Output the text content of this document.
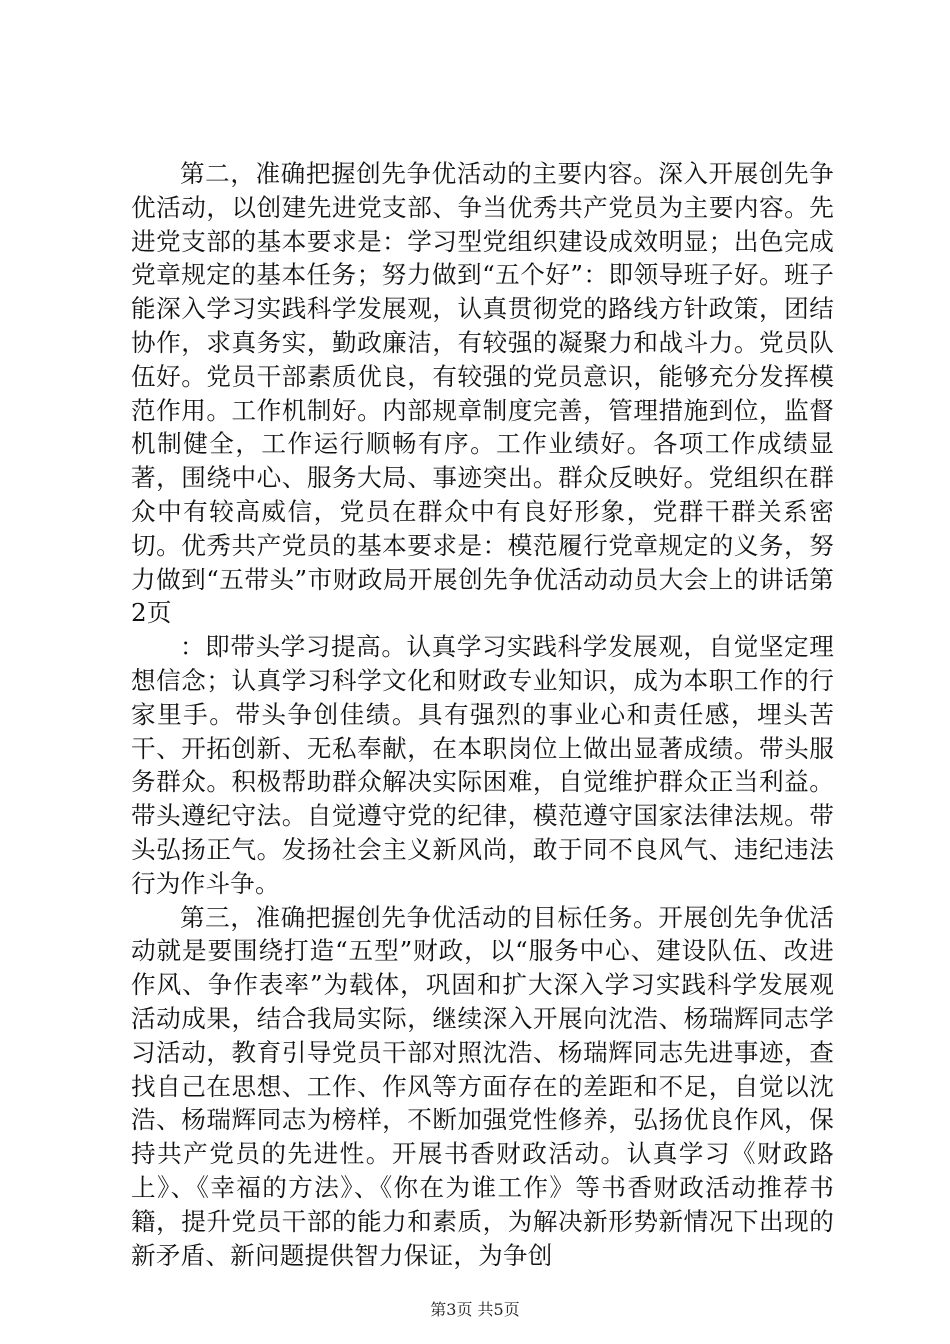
第二，准确把握创先争优活动的主要内容。深入开展创先争优活动，以创建先进党支部、争当优秀共产党员为主要内容。先进党支部的基本要求是：学习型党组织建设成效明显；出色完成党章规定的基本任务；努力做到“五个好”：即领导班子好。班子能深入学习实践科学发展观，认真贯彻党的路线方针政策，团结协作，求真务实，勤政廉洁，有较强的凝聚力和战斗力。党员队伍好。党员干部素质优良，有较强的党员意识，能够充分发挥模范作用。工作机制好。内部规章制度完善，管理措施到位，监督机制健全，工作运行顺畅有序。工作业绩好。各项工作成绩显著，围绕中心、服务大局、事迹突出。群众反映好。党组织在群众中有较高威信，党员在群众中有良好形象，党群干群关系密切。优秀共产党员的基本要求是：模范履行党章规定的义务，努力做到“五带头”市财政局开展创先争优活动动员大会上的讲话第2页

：即带头学习提高。认真学习实践科学发展观，自觉坚定理想信念；认真学习科学文化和财政专业知识，成为本职工作的行家里手。带头争创佳绩。具有强烈的事业心和责任感，埋头苦干、开拓创新、无私奉献，在本职岗位上做出显著成绩。带头服务群众。积极帮助群众解决实际困难，自觉维护群众正当利益。带头遵纪守法。自觉遵守党的纪律，模范遵守国家法律法规。带头弘扬正气。发扬社会主义新风尚，敢于同不良风气、违纪违法行为作斗争。

第三，准确把握创先争优活动的目标任务。开展创先争优活动就是要围绕打造“五型”财政，以“服务中心、建设队伍、改进作风、争作表率”为载体，巩固和扩大深入学习实践科学发展观活动成果，结合我局实际，继续深入开展向沈浩、杨瑞辉同志学习活动，教育引导党员干部对照沈浩、杨瑞辉同志先进事迹，查找自己在思想、工作、作风等方面存在的差距和不足，自觉以沈浩、杨瑞辉同志为榜样，不断加强党性修养，弘扬优良作风，保持共产党员的先进性。开展书香财政活动。认真学习《财政路上》、《幸福的方法》、《你在为谁工作》等书香财政活动推荐书籍，提升党员干部的能力和素质，为解决新形势新情况下出现的新矛盾、新问题提供智力保证，为争创

第3页 共5页
